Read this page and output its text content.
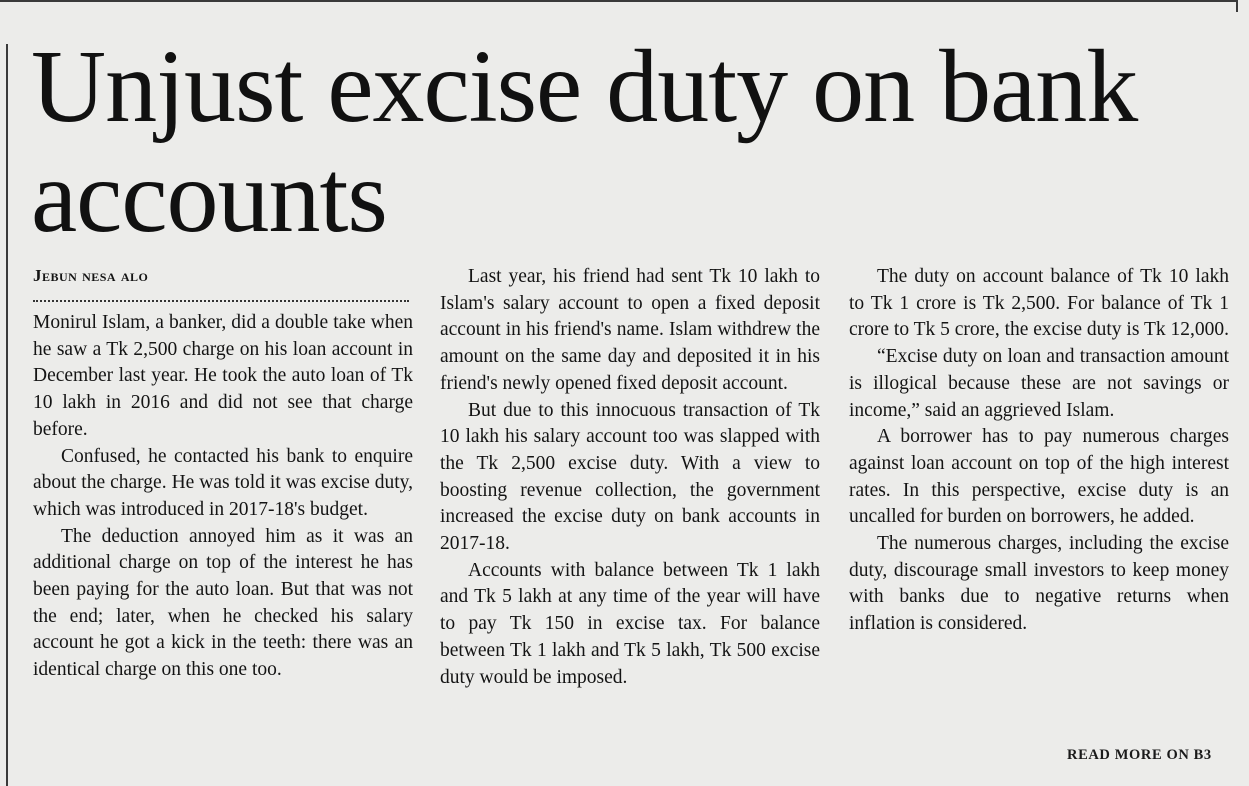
Unjust excise duty on bank accounts
Jebun nesa alo

Monirul Islam, a banker, did a double take when he saw a Tk 2,500 charge on his loan account in December last year. He took the auto loan of Tk 10 lakh in 2016 and did not see that charge before.

Confused, he contacted his bank to enquire about the charge. He was told it was excise duty, which was introduced in 2017-18's budget.

The deduction annoyed him as it was an additional charge on top of the interest he has been paying for the auto loan. But that was not the end; later, when he checked his salary account he got a kick in the teeth: there was an identical charge on this one too.

Last year, his friend had sent Tk 10 lakh to Islam's salary account to open a fixed deposit account in his friend's name. Islam withdrew the amount on the same day and deposited it in his friend's newly opened fixed deposit account.

But due to this innocuous transaction of Tk 10 lakh his salary account too was slapped with the Tk 2,500 excise duty. With a view to boosting revenue collection, the government increased the excise duty on bank accounts in 2017-18.

Accounts with balance between Tk 1 lakh and Tk 5 lakh at any time of the year will have to pay Tk 150 in excise tax. For balance between Tk 1 lakh and Tk 5 lakh, Tk 500 excise duty would be imposed.

The duty on account balance of Tk 10 lakh to Tk 1 crore is Tk 2,500. For balance of Tk 1 crore to Tk 5 crore, the excise duty is Tk 12,000.

“Excise duty on loan and transaction amount is illogical because these are not savings or income,” said an aggrieved Islam.

A borrower has to pay numerous charges against loan account on top of the high interest rates. In this perspective, excise duty is an uncalled for burden on borrowers, he added.

The numerous charges, including the excise duty, discourage small investors to keep money with banks due to negative returns when inflation is considered.

READ MORE ON B3
